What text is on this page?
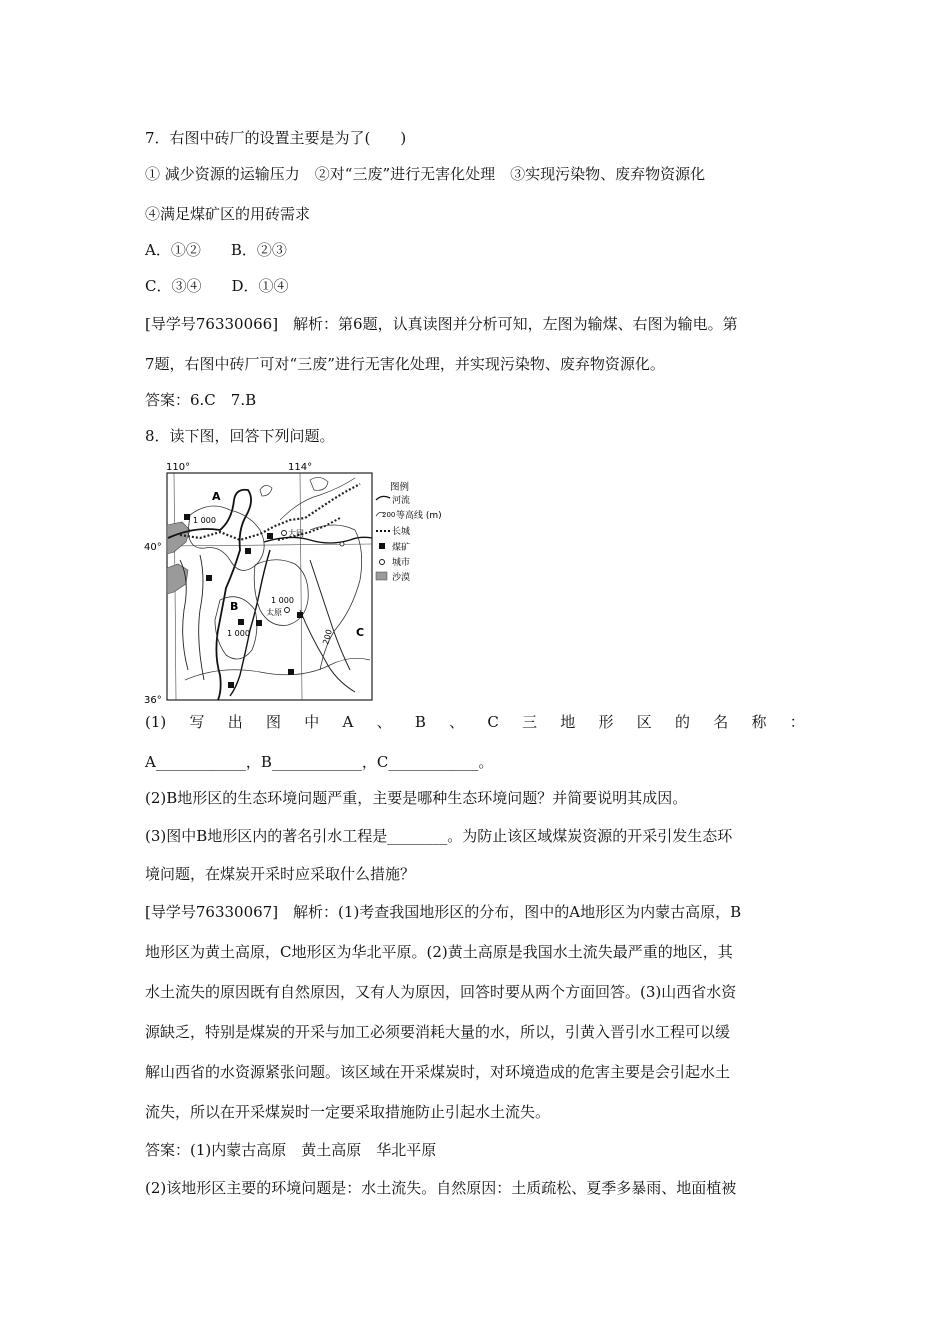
7．右图中砖厂的设置主要是为了(　　)
① 减少资源的运输压力　②对“三废”进行无害化处理　③实现污染物、废弃物资源化
④满足煤矿区的用砖需求
A．①②　　B．②③
C．③④　　D．①④
[导学号76330066]　解析：第6题，认真读图并分析可知，左图为输煤、右图为输电。第
7题，右图中砖厂可对“三废”进行无害化处理，并实现污染物、废弃物资源化。
答案：6.C　7.B
8．读下图，回答下列问题。
110°	114°
40°
36°
A
B
C
1 000
1 000
1 000	200
大同
太原
图例
河流
200 等高线 (m)
长城
煤矿
城市
沙漠
(1) 写 出 图 中 A 、 B 、 C 三 地 形 区 的 名 称 ：
A____________，B____________，C____________。
(2)B地形区的生态环境问题严重，主要是哪种生态环境问题？并简要说明其成因。
(3)图中B地形区内的著名引水工程是________。为防止该区域煤炭资源的开采引发生态环
境问题，在煤炭开采时应采取什么措施？
[导学号76330067]　解析：(1)考查我国地形区的分布，图中的A地形区为内蒙古高原，B
地形区为黄土高原，C地形区为华北平原。(2)黄土高原是我国水土流失最严重的地区，其
水土流失的原因既有自然原因，又有人为原因，回答时要从两个方面回答。(3)山西省水资
源缺乏，特别是煤炭的开采与加工必须要消耗大量的水，所以，引黄入晋引水工程可以缓
解山西省的水资源紧张问题。该区域在开采煤炭时，对环境造成的危害主要是会引起水土
流失，所以在开采煤炭时一定要采取措施防止引起水土流失。
答案：(1)内蒙古高原　黄土高原　华北平原
(2)该地形区主要的环境问题是：水土流失。自然原因：土质疏松、夏季多暴雨、地面植被
